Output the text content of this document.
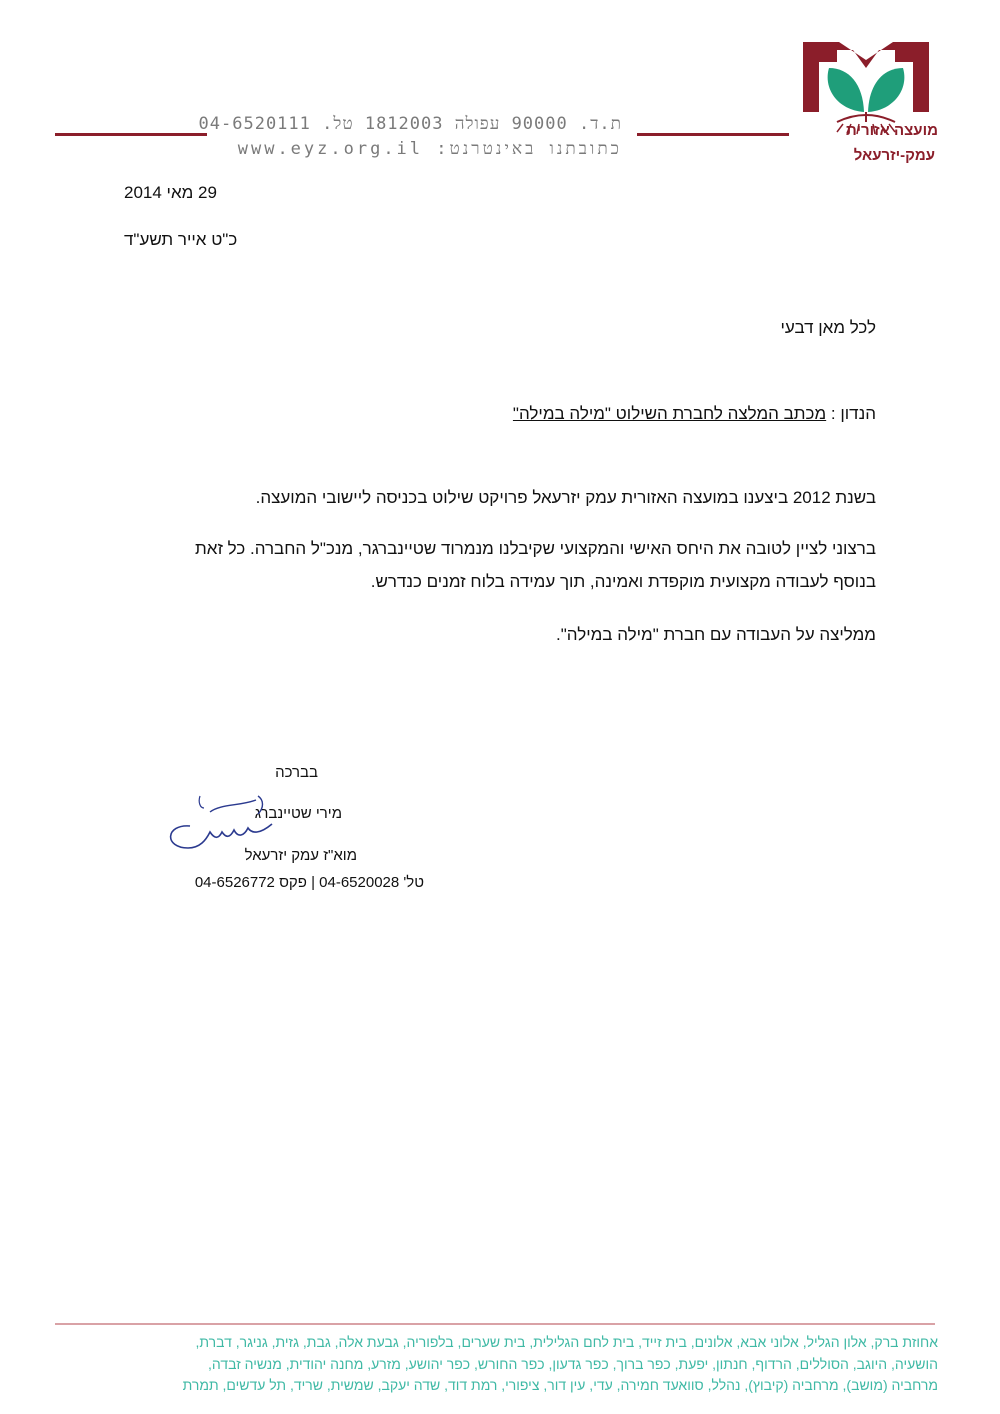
ת.ד. 90000 עפולה 1812003 טל. 04-6520111
כתובתנו באינטרנט: www.eyz.org.il
מועצה אזורית
עמק-יזרעאל
29 מאי 2014
כ"ט אייר תשע"ד
לכל מאן דבעי
הנדון : מכתב המלצה לחברת השילוט "מילה במילה"
בשנת 2012 ביצענו במועצה האזורית עמק יזרעאל פרויקט שילוט בכניסה ליישובי המועצה.
ברצוני לציין לטובה את היחס האישי והמקצועי שקיבלנו מנמרוד שטיינברגר, מנכ"ל החברה. כל זאת בנוסף לעבודה מקצועית מוקפדת ואמינה, תוך עמידה בלוח זמנים כנדרש.
ממליצה על העבודה עם חברת "מילה במילה".
בברכה
מירי שטיינברג
מוא"ז עמק יזרעאל
טל' 04-6520028 | פקס 04-6526772
אחוזת ברק, אלון הגליל, אלוני אבא, אלונים, בית זייד, בית לחם הגלילית, בית שערים, בלפוריה, גבעת אלה, גבת, גזית, גניגר, דברת,
הושעיה, היוגב, הסוללים, הרדוף, חנתון, יפעת, כפר ברוך, כפר גדעון, כפר החורש, כפר יהושע, מזרע, מחנה יהודית, מנשיה זבדה,
מרחביה (מושב), מרחביה (קיבוץ), נהלל, סוואעד חמירה, עדי, עין דור, ציפורי, רמת דוד, שדה יעקב, שמשית, שריד, תל עדשים, תמרת
